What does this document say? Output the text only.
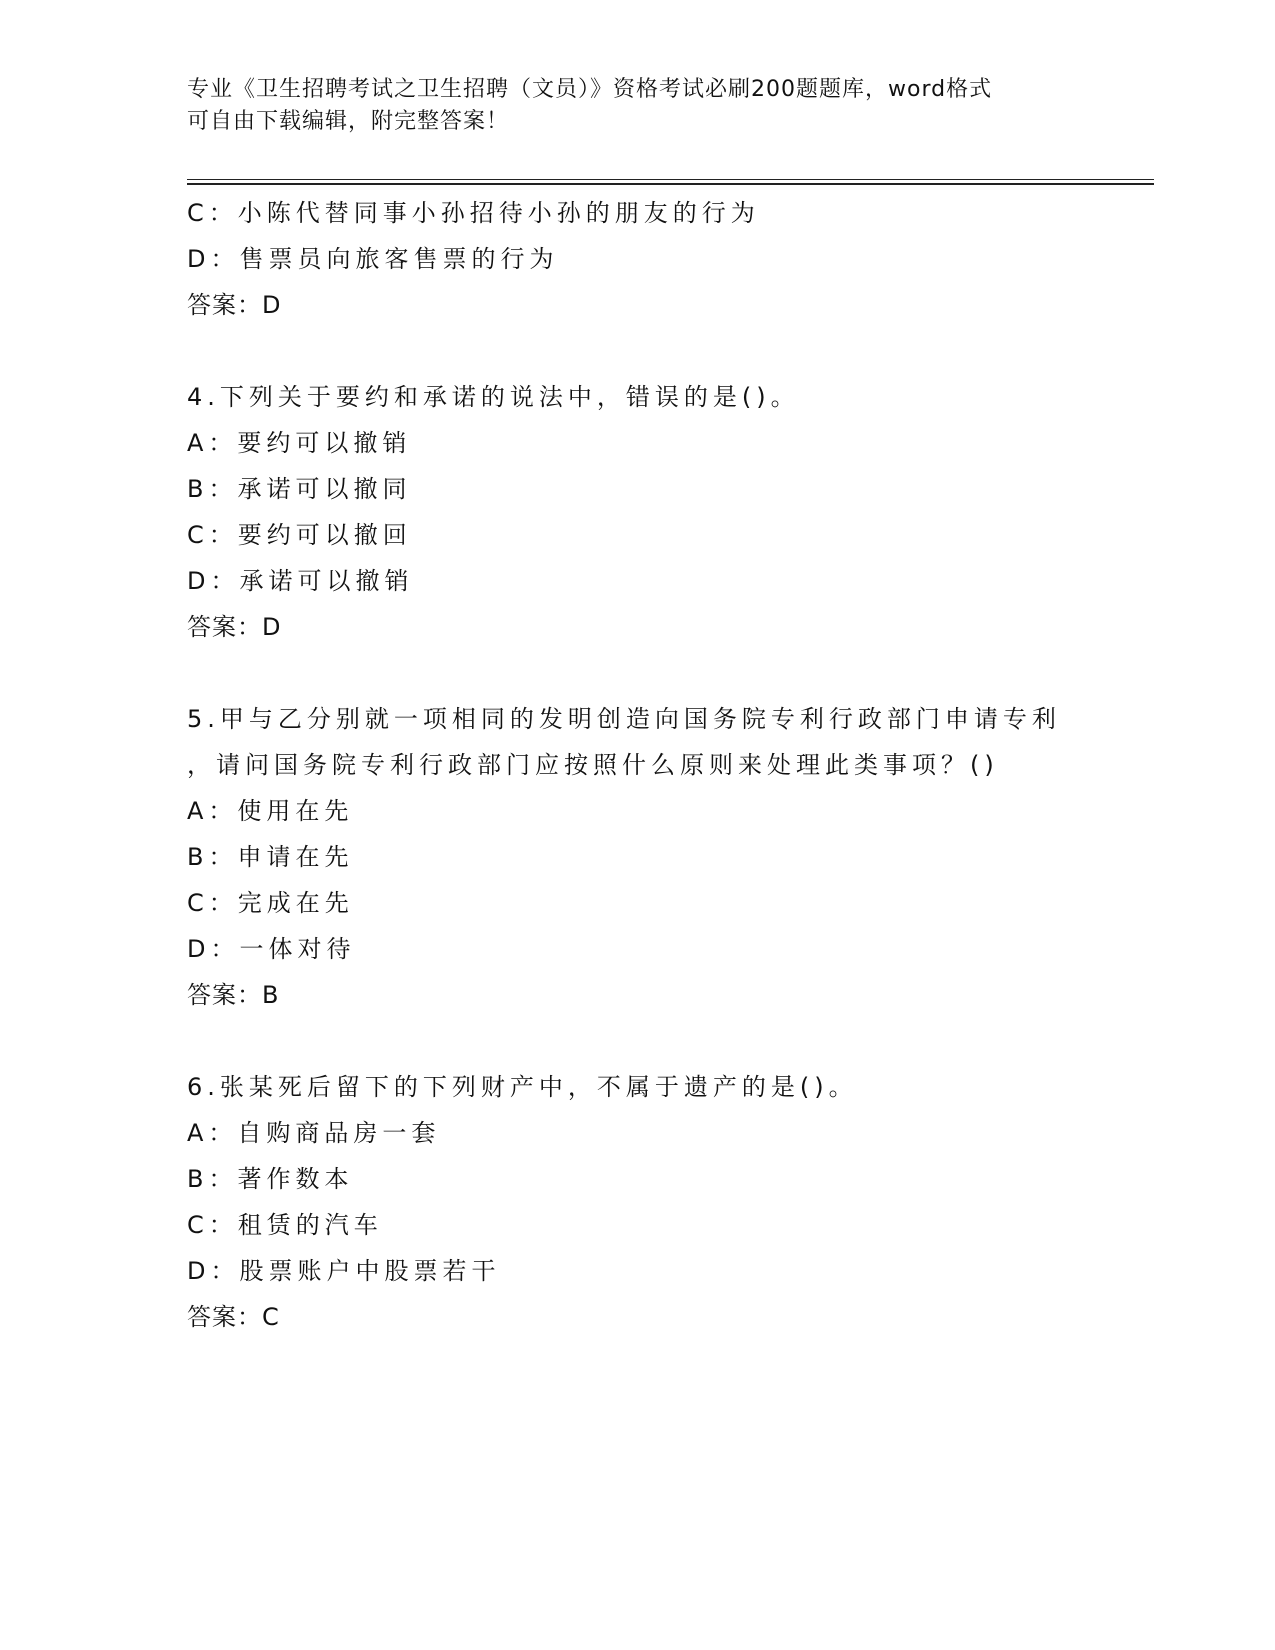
专业《卫生招聘考试之卫生招聘（文员）》资格考试必刷200题题库，word格式
可自由下载编辑，附完整答案！
C：小陈代替同事小孙招待小孙的朋友的行为
D：售票员向旅客售票的行为
答案：D
4.下列关于要约和承诺的说法中，错误的是()。
A：要约可以撤销
B：承诺可以撤同
C：要约可以撤回
D：承诺可以撤销
答案：D
5.甲与乙分别就一项相同的发明创造向国务院专利行政部门申请专利
，请问国务院专利行政部门应按照什么原则来处理此类事项？()
A：使用在先
B：申请在先
C：完成在先
D：一体对待
答案：B
6.张某死后留下的下列财产中，不属于遗产的是()。
A：自购商品房一套
B：著作数本
C：租赁的汽车
D：股票账户中股票若干
答案：C
